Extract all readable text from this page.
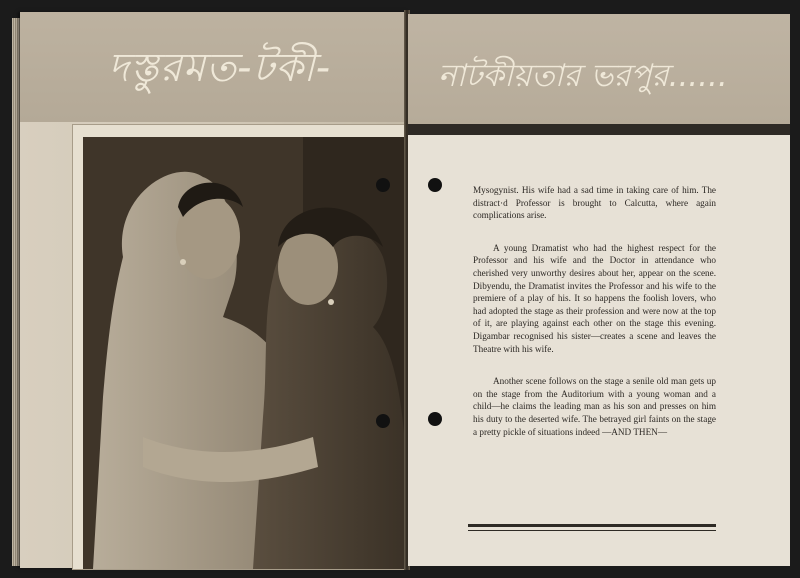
দস্তুরমত-টকী-	নাটকীয়তার ভরপুর......

Mysogynist. His wife had a sad time in taking care of him. The distract·d Professor is brought to Calcutta, where again complications arise.

A young Dramatist who had the highest respect for the Professor and his wife and the Doctor in attendance who cherished very unworthy desires about her, appear on the scene. Dibyendu, the Dramatist invites the Professor and his wife to the premiere of a play of his. It so happens the foolish lovers, who had adopted the stage as their profession and were now at the top of it, are playing against each other on the stage this evening. Digambar recognised his sister—creates a scene and leaves the Theatre with his wife.

Another scene follows on the stage a senile old man gets up on the stage from the Auditorium with a young woman and a child—he claims the leading man as his son and presses on him his duty to the deserted wife. The betrayed girl faints on the stage a pretty pickle of situations indeed —AND THEN—
